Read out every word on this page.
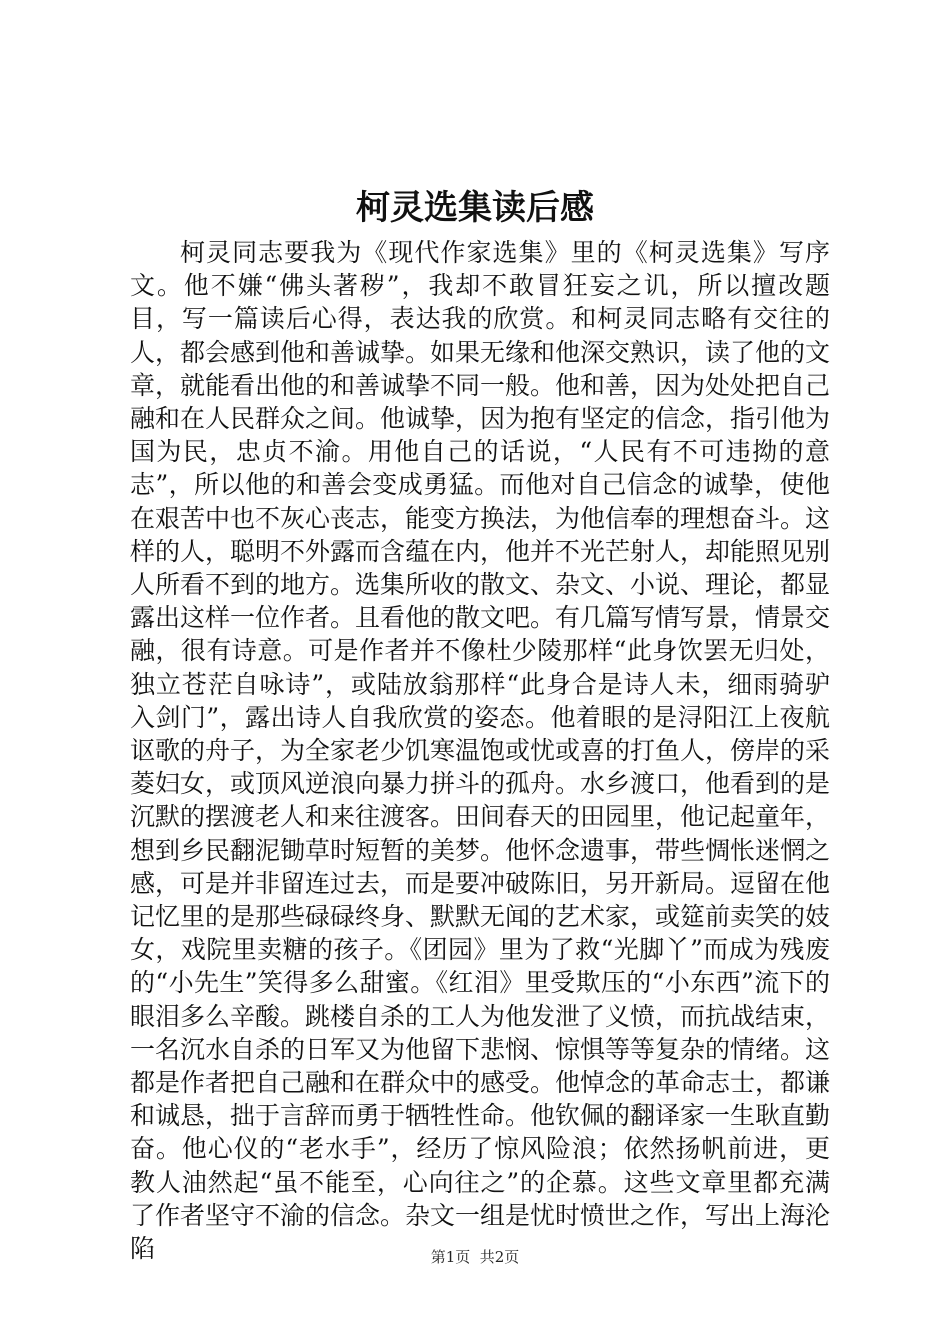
柯灵选集读后感

柯灵同志要我为《现代作家选集》里的《柯灵选集》写序文。他不嫌“佛头著秽”，我却不敢冒狂妄之讥，所以擅改题目，写一篇读后心得，表达我的欣赏。和柯灵同志略有交往的人，都会感到他和善诚挚。如果无缘和他深交熟识，读了他的文章，就能看出他的和善诚挚不同一般。他和善，因为处处把自己融和在人民群众之间。他诚挚，因为抱有坚定的信念，指引他为国为民，忠贞不渝。用他自己的话说，“人民有不可违拗的意志”，所以他的和善会变成勇猛。而他对自己信念的诚挚，使他在艰苦中也不灰心丧志，能变方换法，为他信奉的理想奋斗。这样的人，聪明不外露而含蕴在内，他并不光芒射人，却能照见别人所看不到的地方。选集所收的散文、杂文、小说、理论，都显露出这样一位作者。且看他的散文吧。有几篇写情写景，情景交融，很有诗意。可是作者并不像杜少陵那样“此身饮罢无归处，独立苍茫自咏诗”，或陆放翁那样“此身合是诗人未，细雨骑驴入剑门”，露出诗人自我欣赏的姿态。他着眼的是浔阳江上夜航讴歌的舟子，为全家老少饥寒温饱或忧或喜的打鱼人，傍岸的采菱妇女，或顶风逆浪向暴力拼斗的孤舟。水乡渡口，他看到的是沉默的摆渡老人和来往渡客。田间春天的田园里，他记起童年，想到乡民翻泥锄草时短暂的美梦。他怀念遗事，带些惆怅迷惘之感，可是并非留连过去，而是要冲破陈旧，另开新局。逗留在他记忆里的是那些碌碌终身、默默无闻的艺术家，或筵前卖笑的妓女，戏院里卖糖的孩子。《团园》里为了救“光脚丫”而成为残废的“小先生”笑得多么甜蜜。《红泪》里受欺压的“小东西”流下的眼泪多么辛酸。跳楼自杀的工人为他发泄了义愤，而抗战结束，一名沉水自杀的日军又为他留下悲悯、惊惧等等复杂的情绪。这都是作者把自己融和在群众中的感受。他悼念的革命志士，都谦和诚恳，拙于言辞而勇于牺牲性命。他钦佩的翻译家一生耿直勤奋。他心仪的“老水手”，经历了惊风险浪；依然扬帆前进，更教人油然起“虽不能至，心向往之”的企慕。这些文章里都充满了作者坚守不渝的信念。杂文一组是忧时愤世之作，写出上海沦陷	第1页  共2页
